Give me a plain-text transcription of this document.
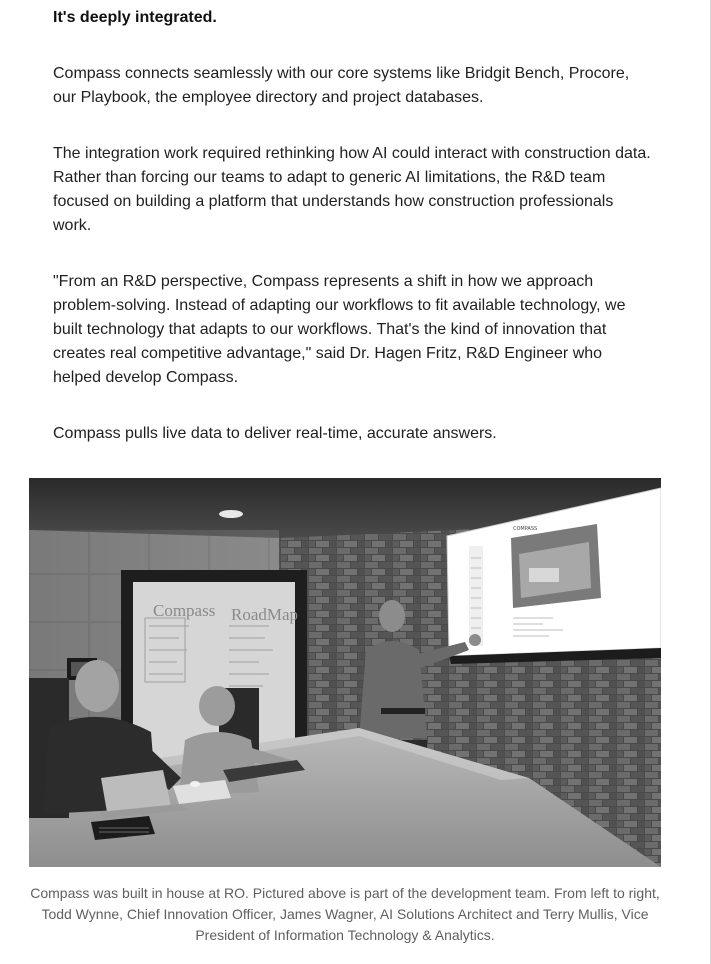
It's deeply integrated.

Compass connects seamlessly with our core systems like Bridgit Bench, Procore, our Playbook, the employee directory and project databases.

The integration work required rethinking how AI could interact with construction data. Rather than forcing our teams to adapt to generic AI limitations, the R&D team focused on building a platform that understands how construction professionals work.

"From an R&D perspective, Compass represents a shift in how we approach problem-solving. Instead of adapting our workflows to fit available technology, we built technology that adapts to our workflows. That's the kind of innovation that creates real competitive advantage," said Dr. Hagen Fritz, R&D Engineer who helped develop Compass.

Compass pulls live data to deliver real-time, accurate answers.

Compass RoadMap
COMPASS

Compass was built in house at RO. Pictured above is part of the development team. From left to right, Todd Wynne, Chief Innovation Officer, James Wagner, AI Solutions Architect and Terry Mullis, Vice President of Information Technology & Analytics.
